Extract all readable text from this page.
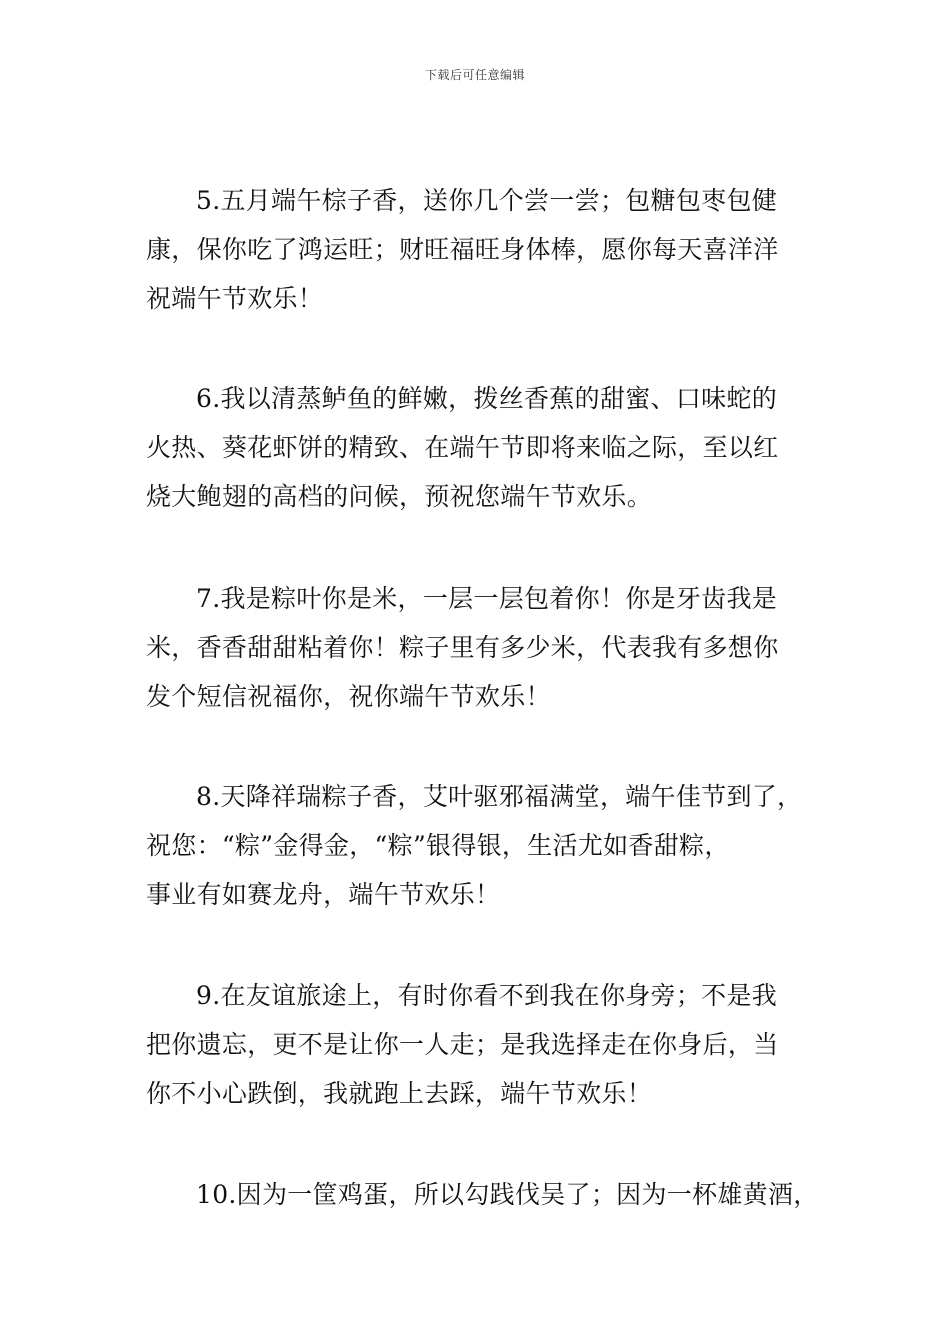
下载后可任意编辑
5.五月端午棕子香，送你几个尝一尝；包糖包枣包健
康，保你吃了鸿运旺；财旺福旺身体棒，愿你每天喜洋洋
祝端午节欢乐！
6.我以清蒸鲈鱼的鲜嫩，拨丝香蕉的甜蜜、口味蛇的
火热、葵花虾饼的精致、在端午节即将来临之际，至以红
烧大鲍翅的高档的问候，预祝您端午节欢乐。
7.我是粽叶你是米，一层一层包着你！你是牙齿我是
米，香香甜甜粘着你！粽子里有多少米，代表我有多想你
发个短信祝福你，祝你端午节欢乐！
8.天降祥瑞粽子香，艾叶驱邪福满堂，端午佳节到了，
祝您：“粽”金得金，“粽”银得银，生活尤如香甜粽，
事业有如赛龙舟，端午节欢乐！
9.在友谊旅途上，有时你看不到我在你身旁；不是我
把你遗忘，更不是让你一人走；是我选择走在你身后，当
你不小心跌倒，我就跑上去踩，端午节欢乐！
10.因为一筐鸡蛋，所以勾践伐吴了；因为一杯雄黄酒，
